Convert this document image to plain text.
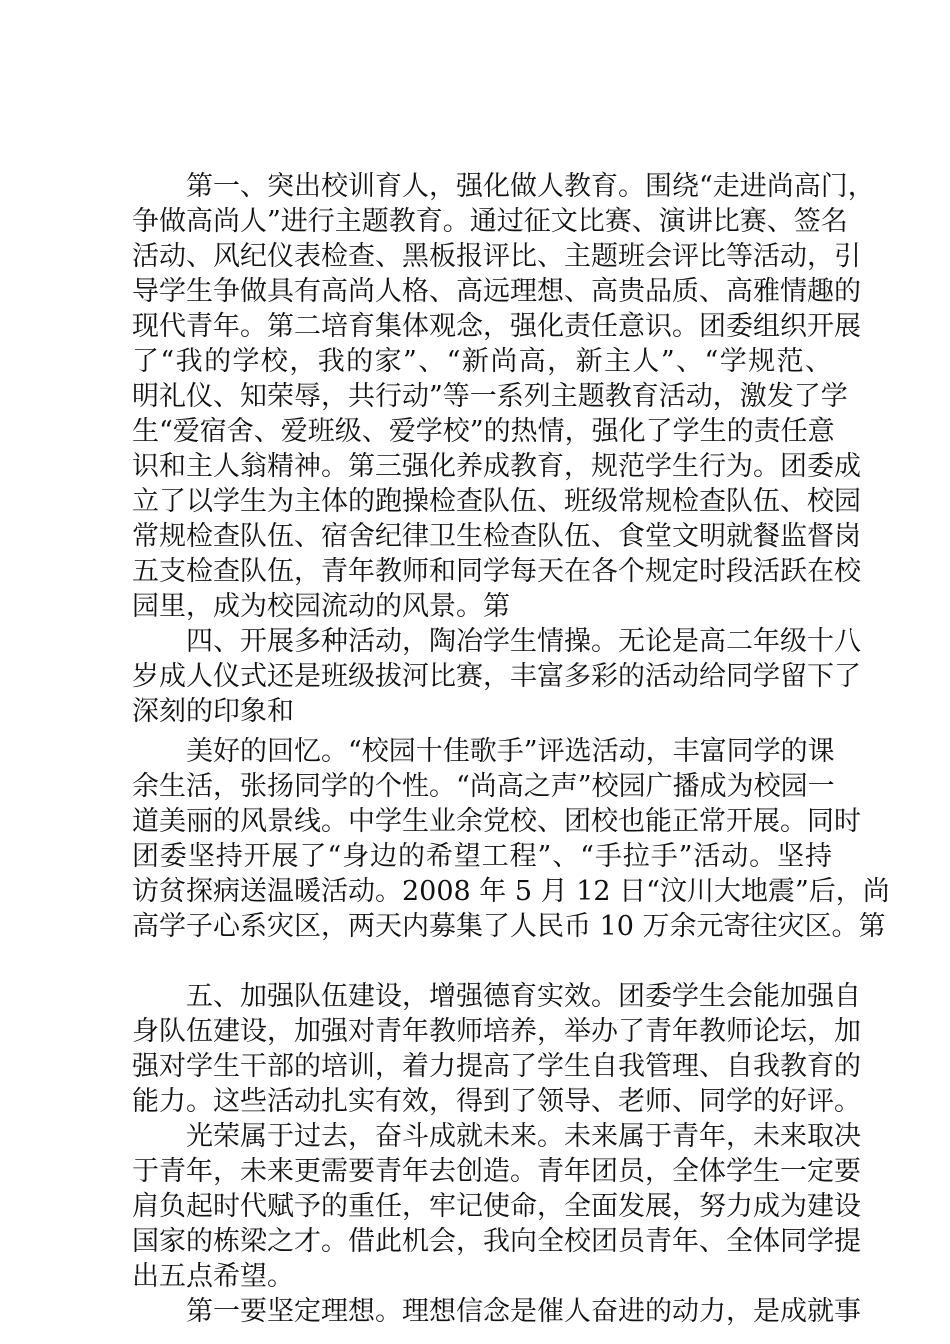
第一、突出校训育人，强化做人教育。围绕“走进尚高门，
争做高尚人”进行主题教育。通过征文比赛、演讲比赛、签名
活动、风纪仪表检查、黑板报评比、主题班会评比等活动，引
导学生争做具有高尚人格、高远理想、高贵品质、高雅情趣的
现代青年。第二培育集体观念，强化责任意识。团委组织开展
了“我的学校，我的家”、“新尚高，新主人”、“学规范、
明礼仪、知荣辱，共行动”等一系列主题教育活动，激发了学
生“爱宿舍、爱班级、爱学校”的热情，强化了学生的责任意
识和主人翁精神。第三强化养成教育，规范学生行为。团委成
立了以学生为主体的跑操检查队伍、班级常规检查队伍、校园
常规检查队伍、宿舍纪律卫生检查队伍、食堂文明就餐监督岗
五支检查队伍，青年教师和同学每天在各个规定时段活跃在校
园里，成为校园流动的风景。第
四、开展多种活动，陶冶学生情操。无论是高二年级十八
岁成人仪式还是班级拔河比赛，丰富多彩的活动给同学留下了
深刻的印象和
美好的回忆。“校园十佳歌手”评选活动，丰富同学的课
余生活，张扬同学的个性。“尚高之声”校园广播成为校园一
道美丽的风景线。中学生业余党校、团校也能正常开展。同时
团委坚持开展了“身边的希望工程”、“手拉手”活动。坚持
访贫探病送温暖活动。2008 年 5 月 12 日“汶川大地震”后，尚
高学子心系灾区，两天内募集了人民币 10 万余元寄往灾区。第
五、加强队伍建设，增强德育实效。团委学生会能加强自
身队伍建设，加强对青年教师培养，举办了青年教师论坛，加
强对学生干部的培训，着力提高了学生自我管理、自我教育的
能力。这些活动扎实有效，得到了领导、老师、同学的好评。
光荣属于过去，奋斗成就未来。未来属于青年，未来取决
于青年，未来更需要青年去创造。青年团员，全体学生一定要
肩负起时代赋予的重任，牢记使命，全面发展，努力成为建设
国家的栋梁之才。借此机会，我向全校团员青年、全体同学提
出五点希望。
第一要坚定理想。理想信念是催人奋进的动力，是成就事
